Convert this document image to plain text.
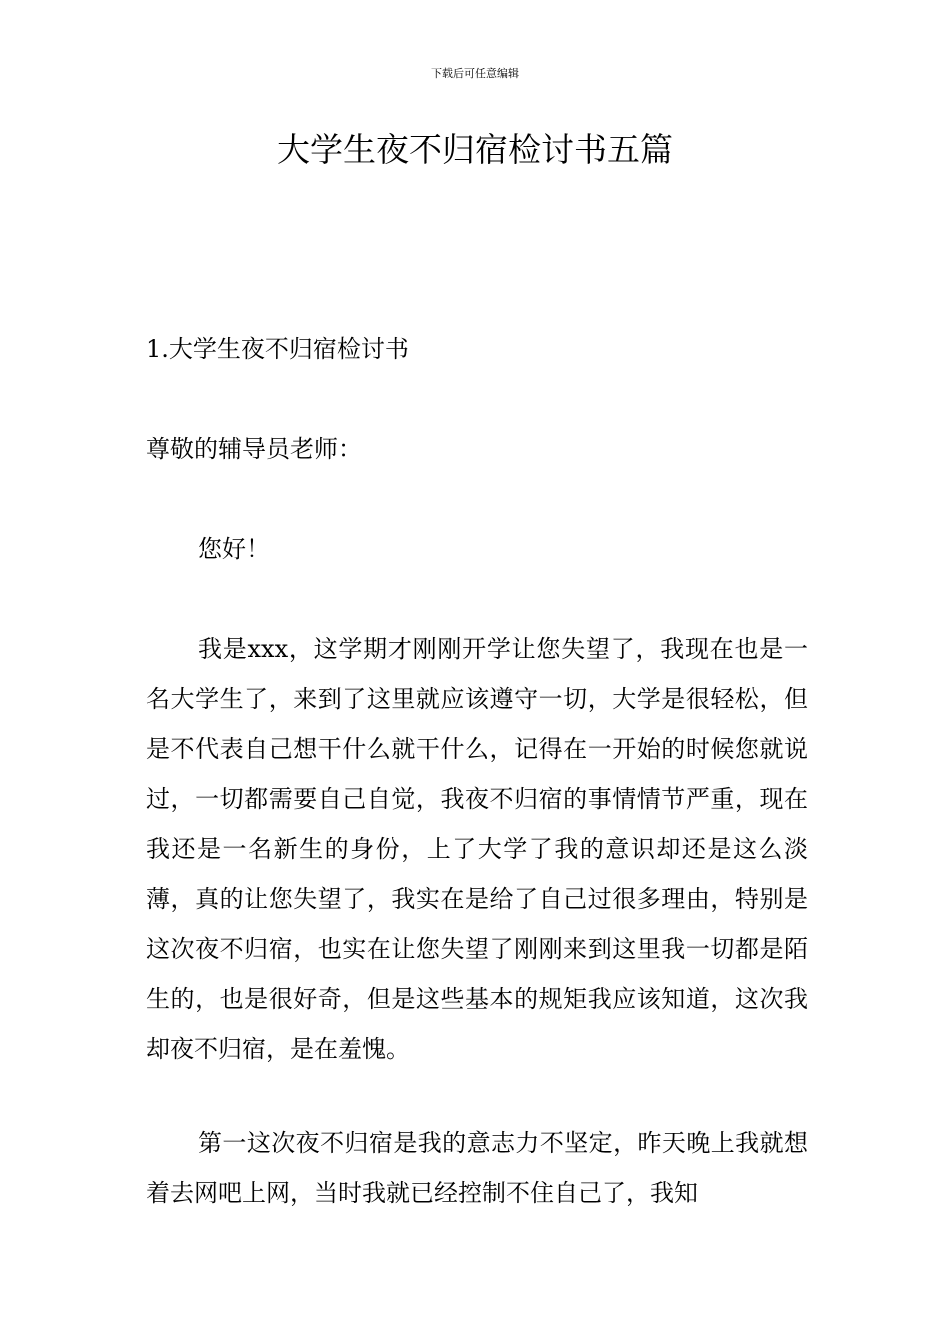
下载后可任意编辑
大学生夜不归宿检讨书五篇

1.大学生夜不归宿检讨书

尊敬的辅导员老师：

您好！

我是xxx，这学期才刚刚开学让您失望了，我现在也是一名大学生了，来到了这里就应该遵守一切，大学是很轻松，但是不代表自己想干什么就干什么，记得在一开始的时候您就说过，一切都需要自己自觉，我夜不归宿的事情情节严重，现在我还是一名新生的身份，上了大学了我的意识却还是这么淡薄，真的让您失望了，我实在是给了自己过很多理由，特别是这次夜不归宿，也实在让您失望了刚刚来到这里我一切都是陌生的，也是很好奇，但是这些基本的规矩我应该知道，这次我却夜不归宿，是在羞愧。

第一这次夜不归宿是我的意志力不坚定，昨天晚上我就想着去网吧上网，当时我就已经控制不住自己了，我知
